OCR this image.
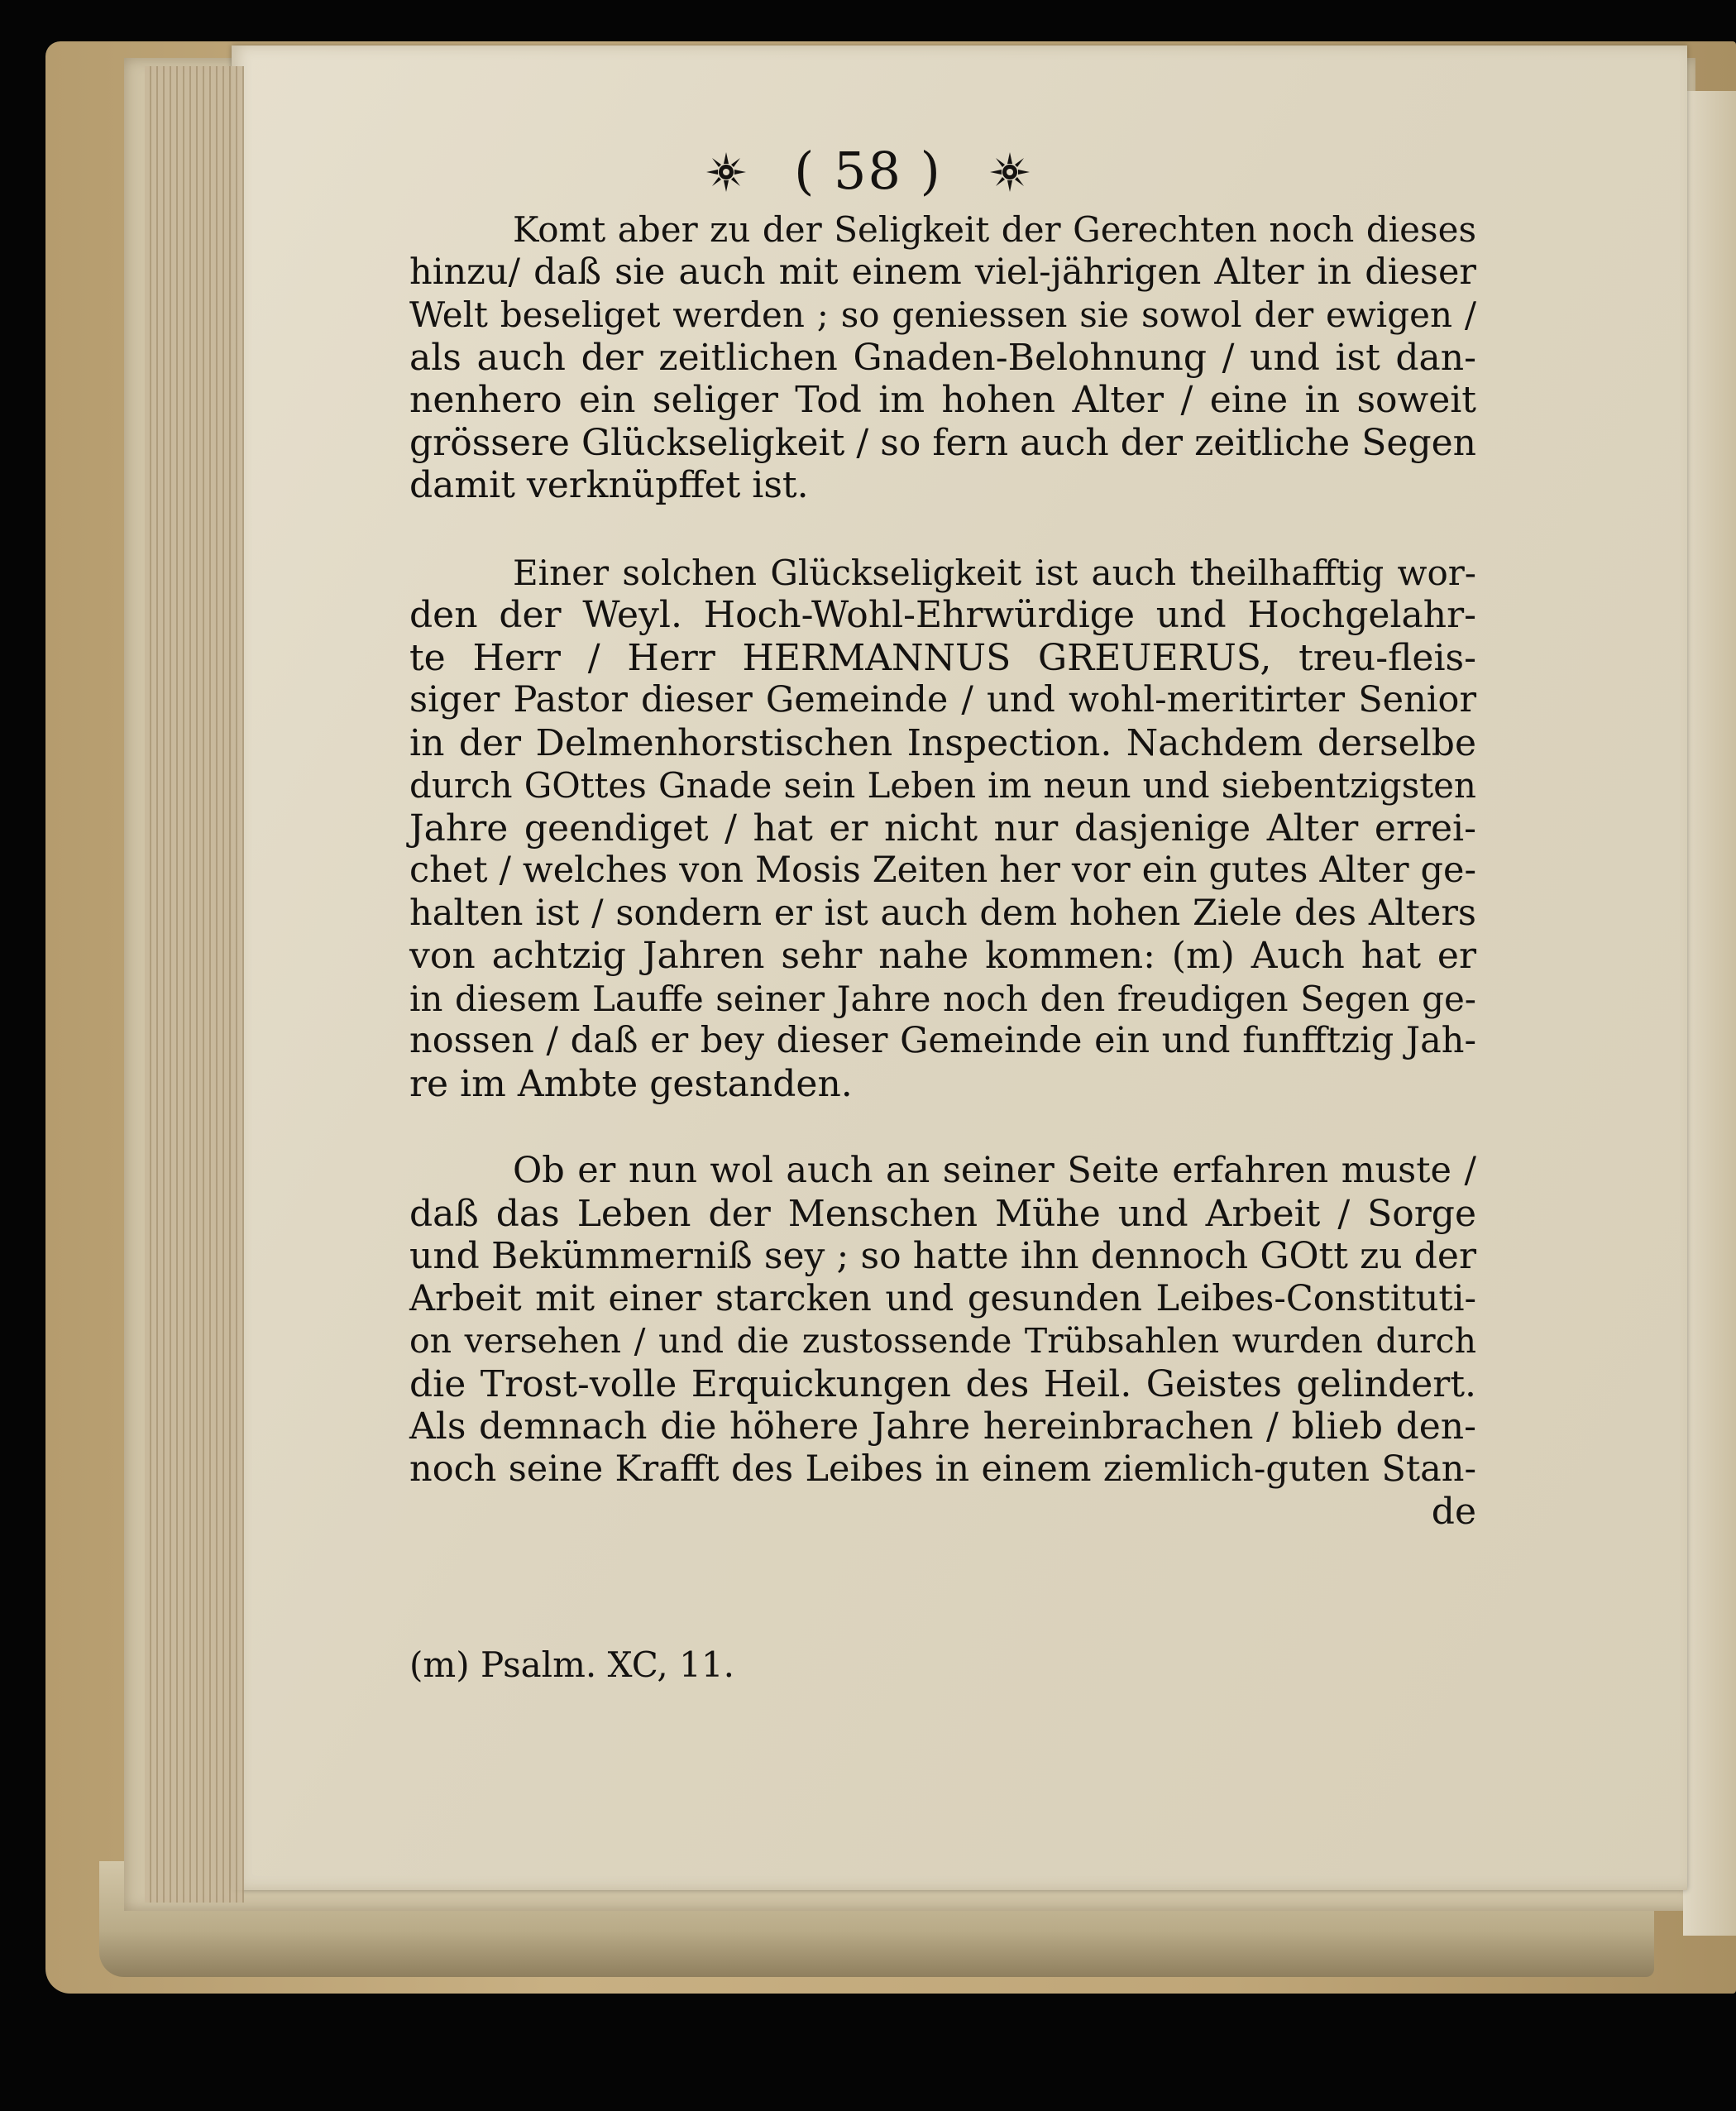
( 58 )
Komt aber zu der Seligkeit der Gerechten noch dieses
hinzu/ daß sie auch mit einem viel-jährigen Alter in dieser
Welt beseliget werden ; so geniessen sie sowol der ewigen /
als auch der zeitlichen Gnaden-Belohnung / und ist dan-
nenhero ein seliger Tod im hohen Alter / eine in soweit
grössere Glückseligkeit / so fern auch der zeitliche Segen
damit verknüpffet ist.
Einer solchen Glückseligkeit ist auch theilhafftig wor-
den der Weyl. Hoch-Wohl-Ehrwürdige und Hochgelahr-
te Herr / Herr HERMANNUS GREUERUS, treu-fleis-
siger Pastor dieser Gemeinde / und wohl-meritirter Senior
in der Delmenhorstischen Inspection. Nachdem derselbe
durch GOttes Gnade sein Leben im neun und siebentzigsten
Jahre geendiget / hat er nicht nur dasjenige Alter errei-
chet / welches von Mosis Zeiten her vor ein gutes Alter ge-
halten ist / sondern er ist auch dem hohen Ziele des Alters
von achtzig Jahren sehr nahe kommen: (m) Auch hat er
in diesem Lauffe seiner Jahre noch den freudigen Segen ge-
nossen / daß er bey dieser Gemeinde ein und funfftzig Jah-
re im Ambte gestanden.
Ob er nun wol auch an seiner Seite erfahren muste /
daß das Leben der Menschen Mühe und Arbeit / Sorge
und Bekümmerniß sey ; so hatte ihn dennoch GOtt zu der
Arbeit mit einer starcken und gesunden Leibes-Constituti-
on versehen / und die zustossende Trübsahlen wurden durch
die Trost-volle Erquickungen des Heil. Geistes gelindert.
Als demnach die höhere Jahre hereinbrachen / blieb den-
noch seine Krafft des Leibes in einem ziemlich-guten Stan-
de
(m) Psalm. XC, 11.
